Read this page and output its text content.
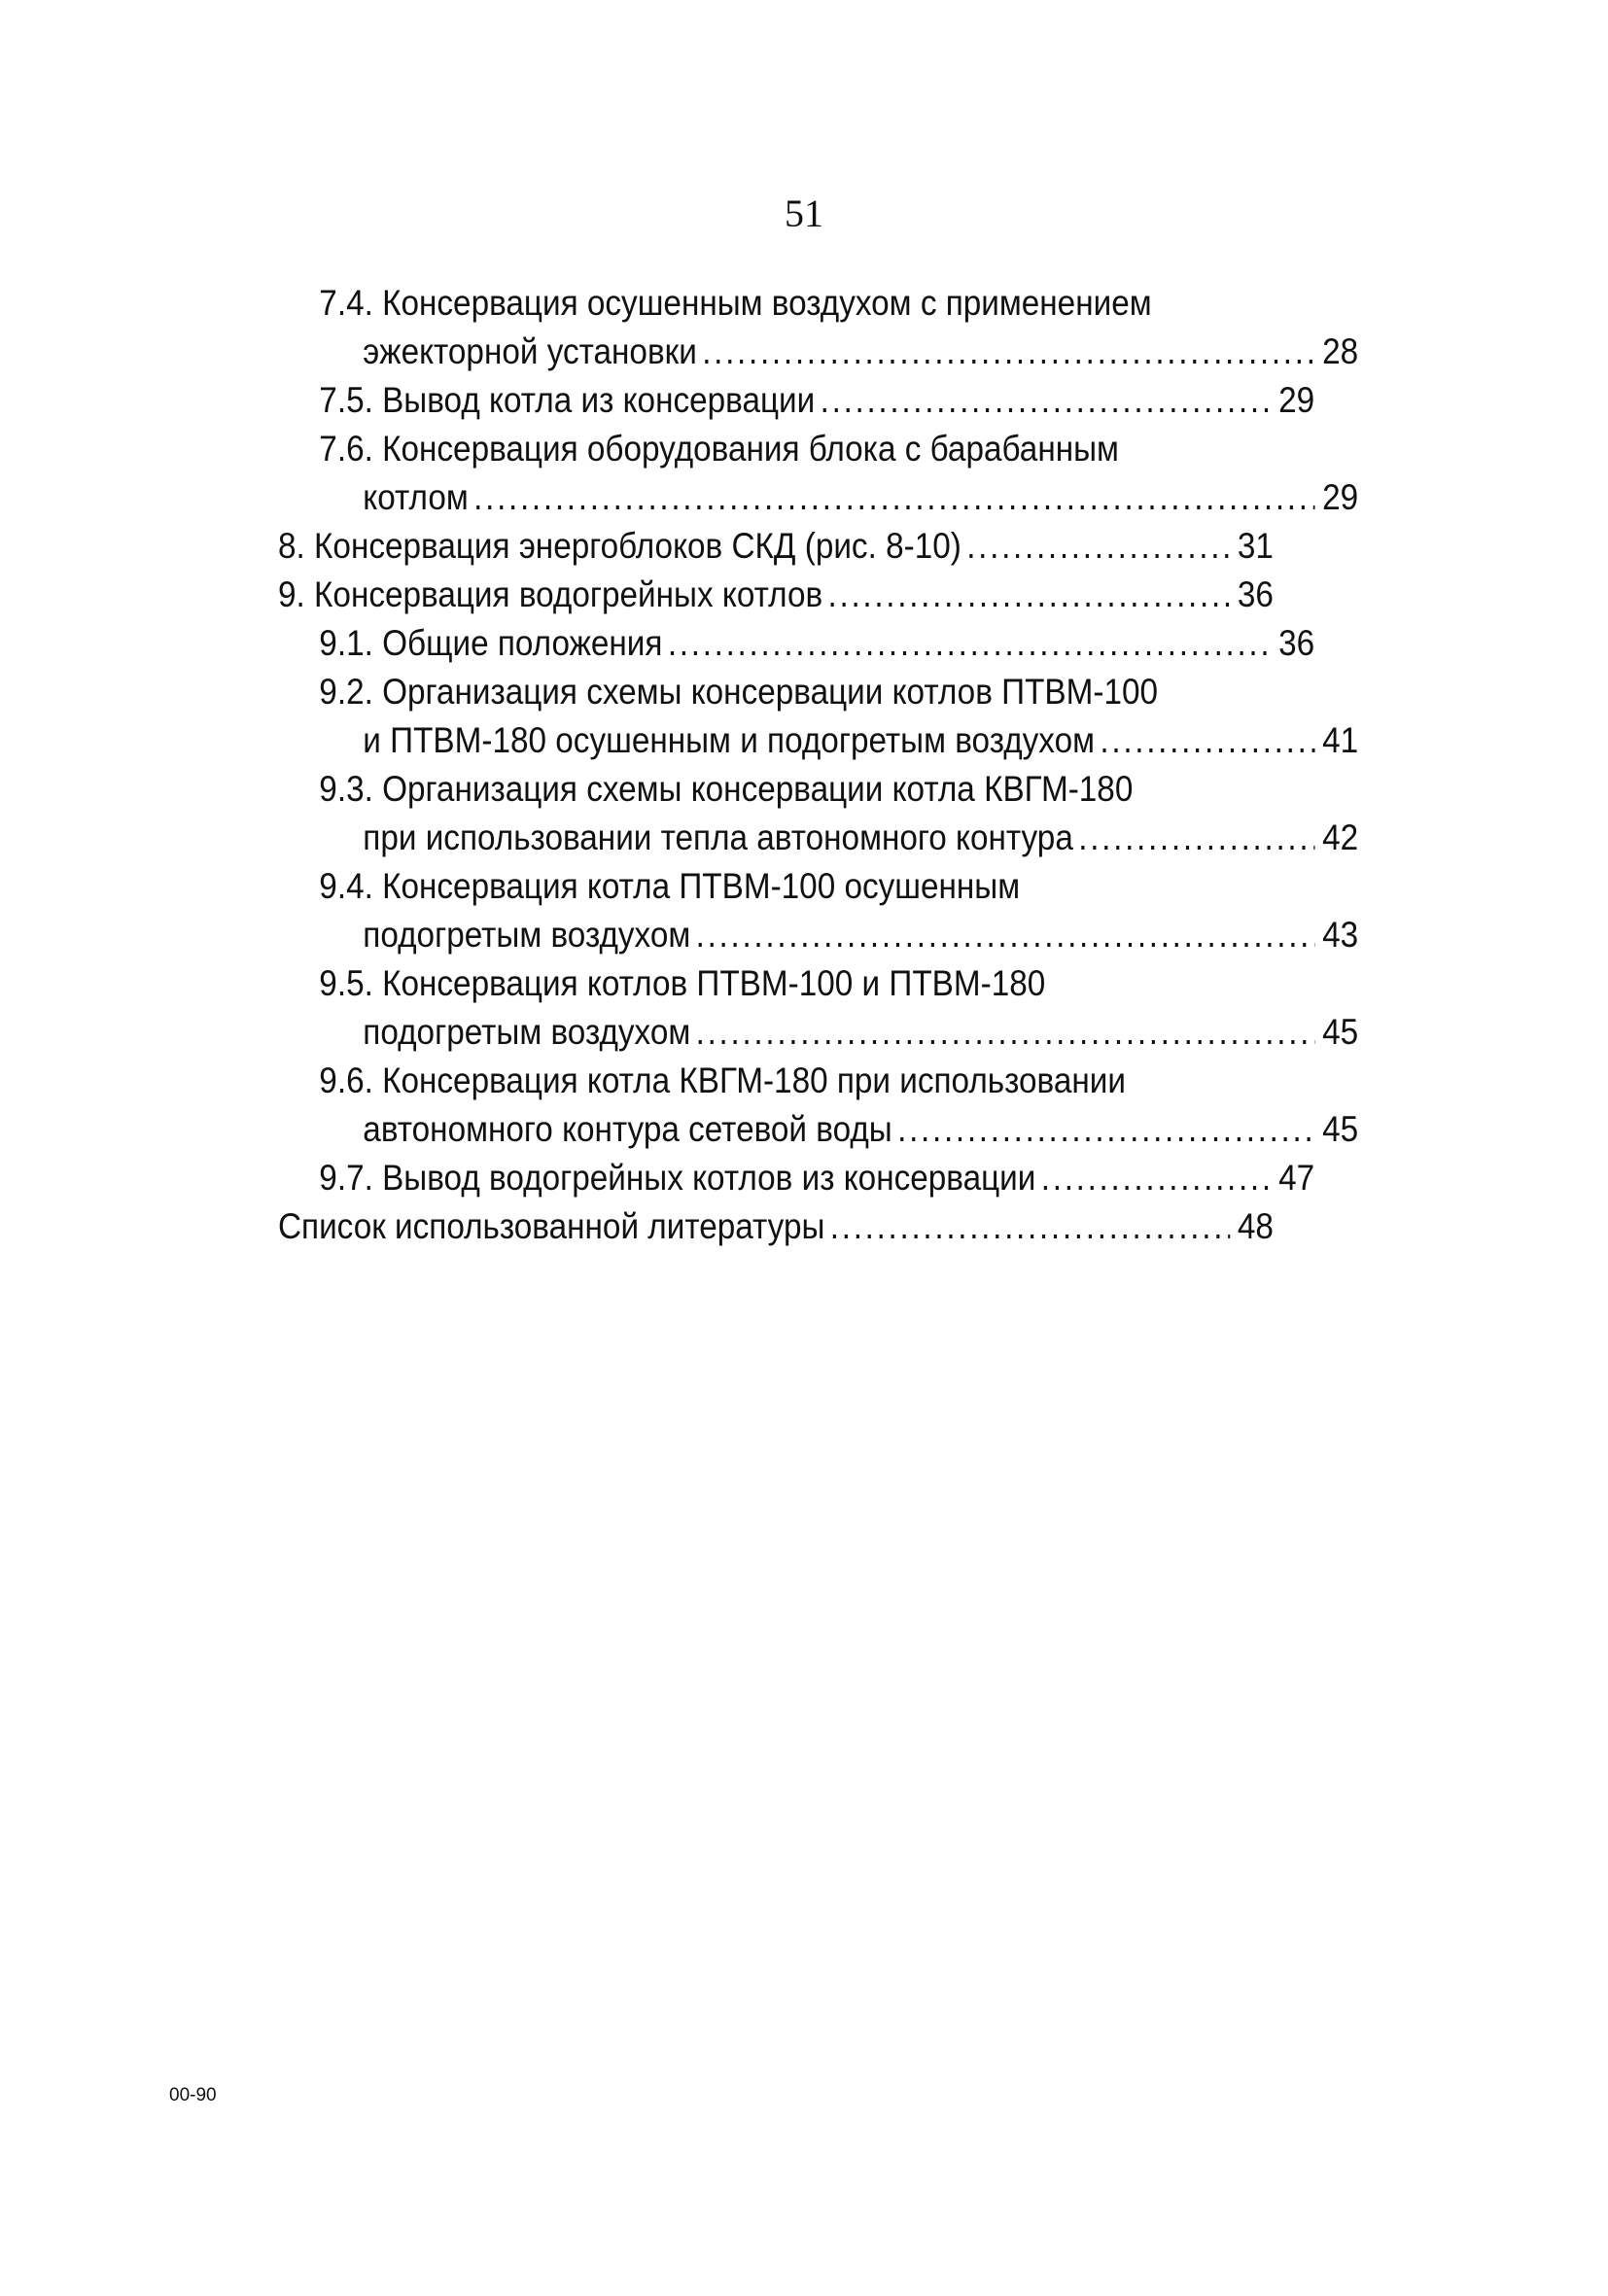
51
7.4. Консервация осушенным воздухом с применением
эжекторной установки .....	28
7.5. Вывод котла из консервации .....	29
7.6. Консервация оборудования блока с барабанным
котлом .....	29
8. Консервация энергоблоков СКД (рис. 8-10) .....	31
9. Консервация водогрейных котлов .....	36
9.1. Общие положения .....	36
9.2. Организация схемы консервации котлов ПТВМ-100
и ПТВМ-180 осушенным и подогретым воздухом .....	41
9.3. Организация схемы консервации котла КВГМ-180
при использовании тепла автономного контура .....	42
9.4. Консервация котла ПТВМ-100 осушенным
подогретым воздухом .....	43
9.5. Консервация котлов ПТВМ-100 и ПТВМ-180
подогретым воздухом .....	45
9.6. Консервация котла КВГМ-180 при использовании
автономного контура сетевой воды .....	45
9.7. Вывод водогрейных котлов из консервации .....	47
Список использованной литературы .....	48
00-90
